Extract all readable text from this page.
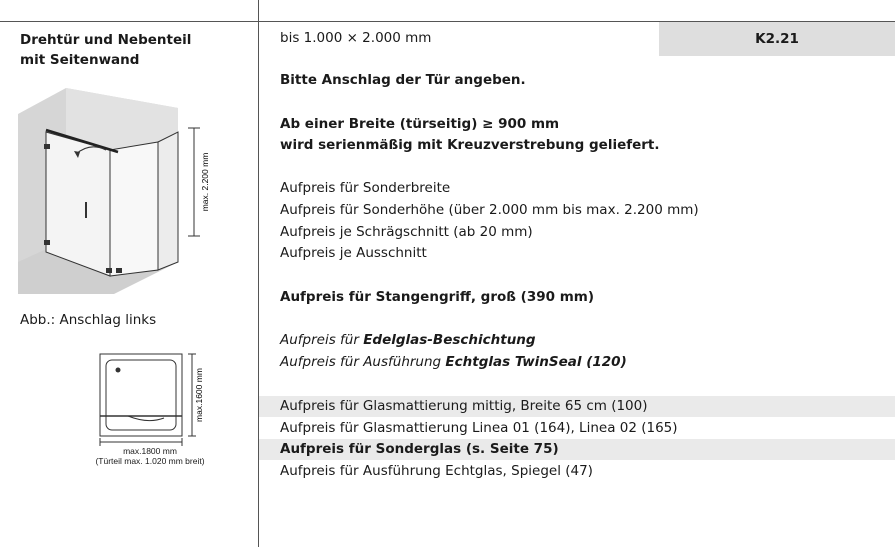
Drehtür und Nebenteil
mit Seitenwand
max. 2.200 mm
Abb.: Anschlag links
max.1600 mm
max.1800 mm
(Türteil max. 1.020 mm breit)
bis 1.000 × 2.000 mm	K2.21
Bitte Anschlag der Tür angeben.
Ab einer Breite (türseitig) ≥ 900 mm
wird serienmäßig mit Kreuzverstrebung geliefert.
Aufpreis für Sonderbreite
Aufpreis für Sonderhöhe (über 2.000 mm bis max. 2.200 mm)
Aufpreis je Schrägschnitt (ab 20 mm)
Aufpreis je Ausschnitt
Aufpreis für Stangengriff, groß (390 mm)
Aufpreis für Edelglas-Beschichtung
Aufpreis für Ausführung Echtglas TwinSeal (120)
Aufpreis für Glasmattierung mittig, Breite 65 cm (100)
Aufpreis für Glasmattierung Linea 01 (164), Linea 02 (165)
Aufpreis für Sonderglas (s. Seite 75)
Aufpreis für Ausführung Echtglas, Spiegel (47)
